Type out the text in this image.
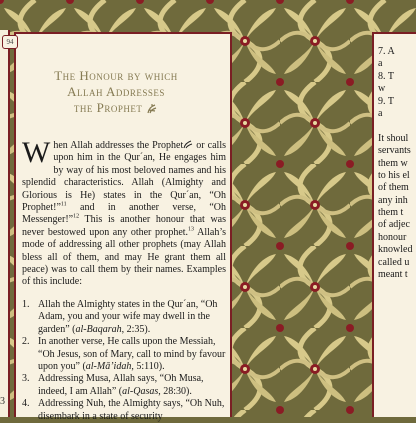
3
94
The Honour by which
Allah Addresses
the Prophet

When Allah addresses the Prophet or calls upon him in the Qur´an, He engages him by way of his most beloved names and his splendid characteristics. Allah (Almighty and Glorious is He) states in the Qur´an, “Oh Prophet!”$^{11}$ and in another verse, “Oh Messenger!”$^{12}$ This is another honour that was never bestowed upon any other prophet.$^{13}$ Allah’s mode of addressing all other prophets (may Allah bless all of them, and may He grant them all peace) was to call them by their names. Examples of this include:

1. Allah the Almighty states in the Qur´an, “Oh Adam, you and your wife may dwell in the garden” (al-Baqarah, 2:35).
2. In another verse, He calls upon the Messiah, “Oh Jesus, son of Mary, call to mind by favour upon you” (al-Mā’idah, 5:110).
3. Addressing Musa, Allah says, “Oh Musa, indeed, I am Allah” (al-Qasas, 28:30).
4. Addressing Nuh, the Almighty says, “Oh Nuh, disembark in a state of security
7. A
a
8. T
w
9. T
a
It shoul
servants
them w
to his el
of them
any inh
them t
of adjec
honour
knowled
called u
meant t
